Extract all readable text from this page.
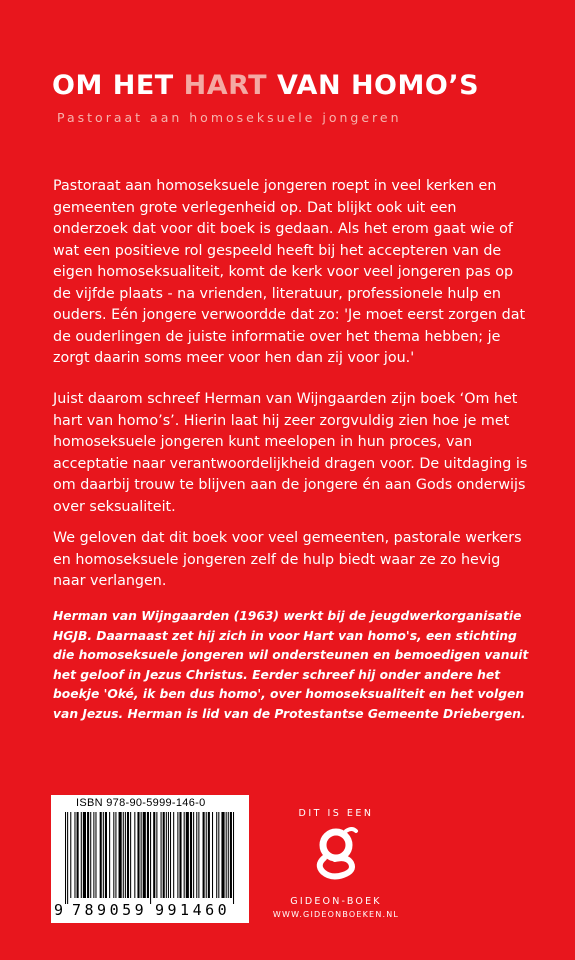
OM HET HART VAN HOMO’S
Pastoraat aan homoseksuele jongeren

Pastoraat aan homoseksuele jongeren roept in veel kerken en gemeenten grote verlegenheid op. Dat blijkt ook uit een onderzoek dat voor dit boek is gedaan. Als het erom gaat wie of wat een positieve rol gespeeld heeft bij het accepteren van de eigen homoseksualiteit, komt de kerk voor veel jongeren pas op de vijfde plaats - na vrienden, literatuur, professionele hulp en ouders. Eén jongere verwoordde dat zo: 'Je moet eerst zorgen dat de ouderlingen de juiste informatie over het thema hebben; je zorgt daarin soms meer voor hen dan zij voor jou.'

Juist daarom schreef Herman van Wijngaarden zijn boek ‘Om het hart van homo’s’. Hierin laat hij zeer zorgvuldig zien hoe je met homoseksuele jongeren kunt meelopen in hun proces, van acceptatie naar verantwoordelijkheid dragen voor. De uitdaging is om daarbij trouw te blijven aan de jongere én aan Gods onderwijs over seksualiteit.

We geloven dat dit boek voor veel gemeenten, pastorale werkers en homoseksuele jongeren zelf de hulp biedt waar ze zo hevig naar verlangen.

Herman van Wijngaarden (1963) werkt bij de jeugdwerkorganisatie HGJB. Daarnaast zet hij zich in voor Hart van homo's, een stichting die homoseksuele jongeren wil ondersteunen en bemoedigen vanuit het geloof in Jezus Christus. Eerder schreef hij onder andere het boekje 'Oké, ik ben dus homo', over homoseksualiteit en het volgen van Jezus. Herman is lid van de Protestantse Gemeente Driebergen.

ISBN 978-90-5999-146-0
9 789059 991460
DIT IS EEN
GIDEON-BOEK
WWW.GIDEONBOEKEN.NL
